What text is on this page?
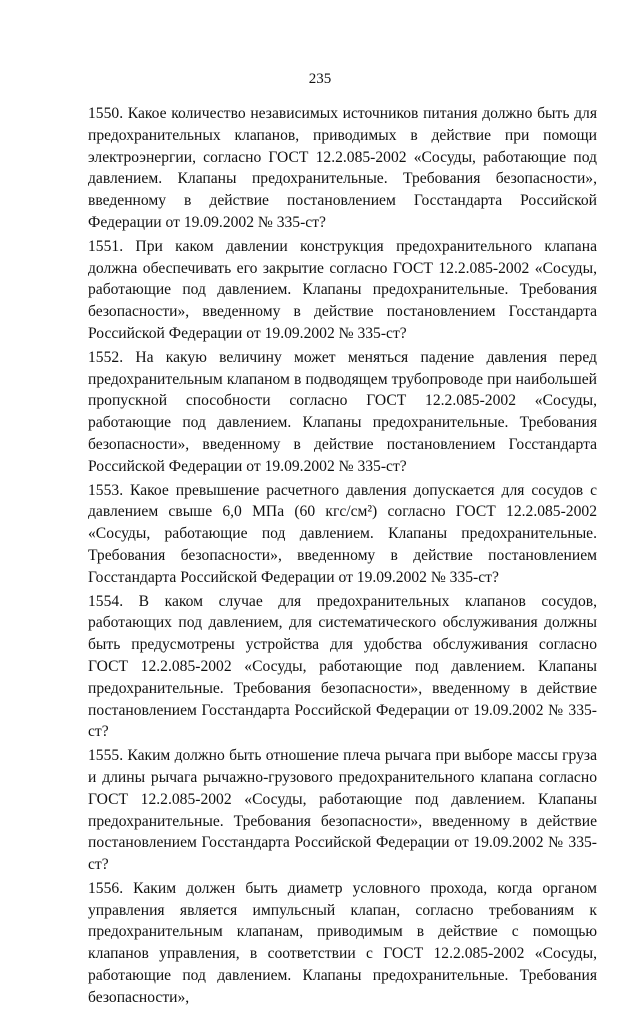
235

1550. Какое количество независимых источников питания должно быть для предохранительных клапанов, приводимых в действие при помощи электроэнергии, согласно ГОСТ 12.2.085-2002 «Сосуды, работающие под давлением. Клапаны предохранительные. Требования безопасности», введенному в действие постановлением Госстандарта Российской Федерации от 19.09.2002 № 335-ст?

1551. При каком давлении конструкция предохранительного клапана должна обеспечивать его закрытие согласно ГОСТ 12.2.085-2002 «Сосуды, работающие под давлением. Клапаны предохранительные. Требования безопасности», введенному в действие постановлением Госстандарта Российской Федерации от 19.09.2002 № 335-ст?

1552. На какую величину может меняться падение давления перед предохранительным клапаном в подводящем трубопроводе при наибольшей пропускной способности согласно ГОСТ 12.2.085-2002 «Сосуды, работающие под давлением. Клапаны предохранительные. Требования безопасности», введенному в действие постановлением Госстандарта Российской Федерации от 19.09.2002 № 335-ст?

1553. Какое превышение расчетного давления допускается для сосудов с давлением свыше 6,0 МПа (60 кгс/см²) согласно ГОСТ 12.2.085-2002 «Сосуды, работающие под давлением. Клапаны предохранительные. Требования безопасности», введенному в действие постановлением Госстандарта Российской Федерации от 19.09.2002 № 335-ст?

1554. В каком случае для предохранительных клапанов сосудов, работающих под давлением, для систематического обслуживания должны быть предусмотрены устройства для удобства обслуживания согласно ГОСТ 12.2.085-2002 «Сосуды, работающие под давлением. Клапаны предохранительные. Требования безопасности», введенному в действие постановлением Госстандарта Российской Федерации от 19.09.2002 № 335-ст?

1555. Каким должно быть отношение плеча рычага при выборе массы груза и длины рычага рычажно-грузового предохранительного клапана согласно ГОСТ 12.2.085-2002 «Сосуды, работающие под давлением. Клапаны предохранительные. Требования безопасности», введенному в действие постановлением Госстандарта Российской Федерации от 19.09.2002 № 335-ст?

1556. Каким должен быть диаметр условного прохода, когда органом управления является импульсный клапан, согласно требованиям к предохранительным клапанам, приводимым в действие с помощью клапанов управления, в соответствии с ГОСТ 12.2.085-2002 «Сосуды, работающие под давлением. Клапаны предохранительные. Требования безопасности»,
